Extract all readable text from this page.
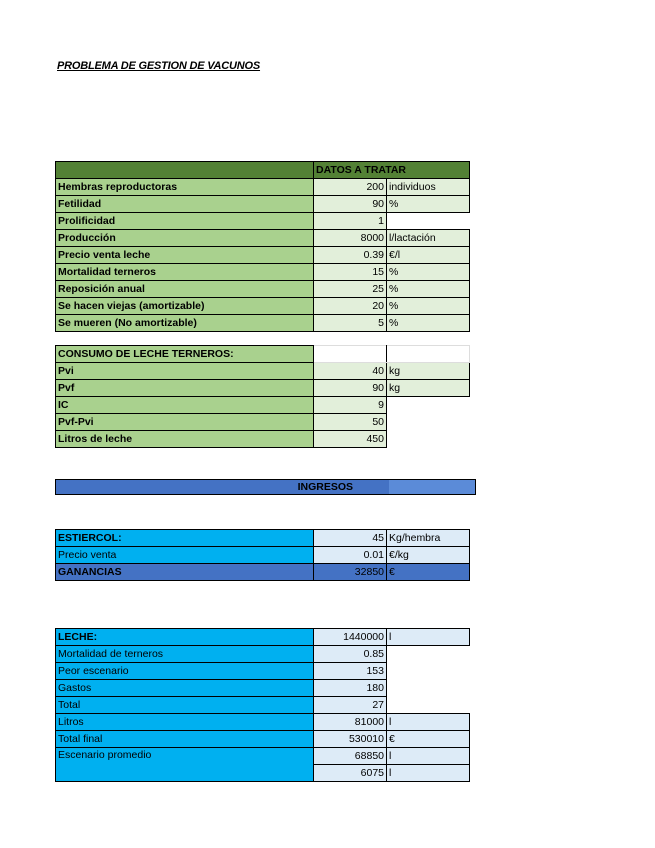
PROBLEMA DE GESTION DE VACUNOS
	DATOS A TRATAR	
Hembras reproductoras	200	individuos
Fetilidad	90	%
Prolificidad	1	
Producción	8000	l/lactación
Precio venta leche	0.39	€/l
Mortalidad terneros	15	%
Reposición anual	25	%
Se hacen viejas (amortizable)	20	%
Se mueren (No amortizable)	5	%
CONSUMO DE LECHE TERNEROS:		
Pvi	40	kg
Pvf	90	kg
IC	9	
Pvf-Pvi	50	
Litros de leche	450	
INGRESOS
ESTIERCOL:	45	Kg/hembra
Precio venta	0.01	€/kg
GANANCIAS	32850	€
LECHE:	1440000	l
Mortalidad de terneros	0.85	
Peor escenario	153	
Gastos	180	
Total	27	
Litros	81000	l
Total final	530010	€
Escenario promedio	68850	l
	6075	l
